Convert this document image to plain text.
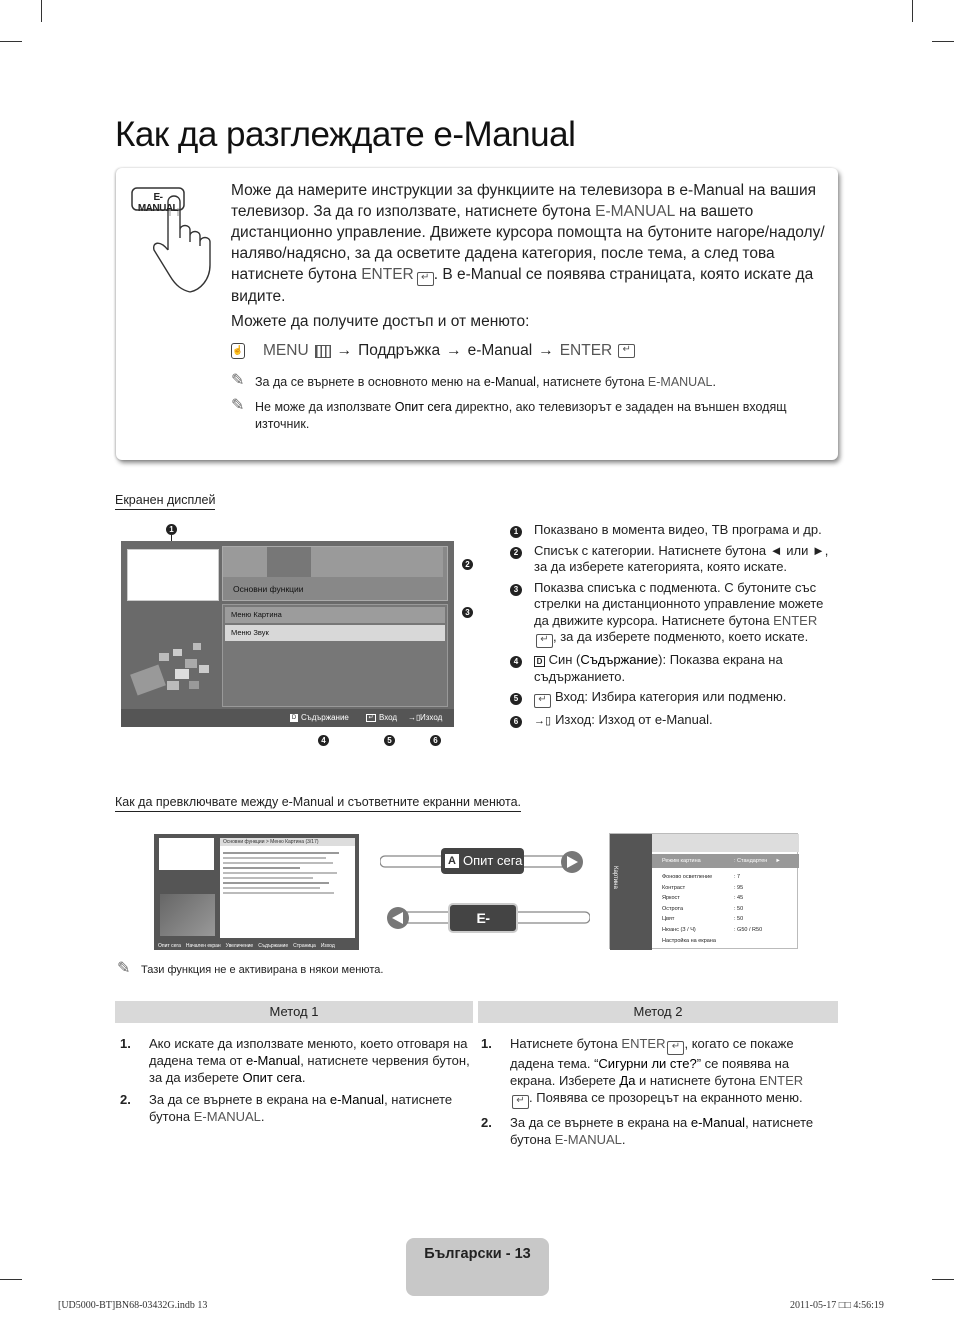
Как да разглеждате e-Manual
E-MANUAL

Може да намерите инструкции за функциите на телевизора в e-Manual на вашия телевизор. За да го използвате, натиснете бутона E-MANUAL на вашето дистанционно управление. Движете курсора помощта на бутоните нагоре/надолу/наляво/надясно, за да осветите дадена категория, после тема, а след това натиснете бутона ENTER ↵ . В e-Manual се появява страницата, която искате да видите.

Можете да получите достъп и от менюто:

☝ MENU → Поддръжка → e-Manual → ENTER	↵
✎ За да се върнете в основното меню на e-Manual, натиснете бутона E-MANUAL.
✎ Не може да използвате Опит сега директно, ако телевизорът е зададен на външен входящ източник.
Екранен дисплей
1
Основни функции
Меню Картина
Меню Звук
D Съдържание	↵ Вход →▯ Изход
2
3
4	5	6
1	Показвано в момента видео, ТВ програма и др.
2	Списък с категории. Натиснете бутона ◄ или ►, за да изберете категорията, която искате.
3	Показва списъка с подменюта. С бутоните със стрелки на дистанционното управление можете да движите курсора. Натиснете бутона ENTER↵ , за да изберете подменюто, което искате.
4	D Син (Съдържание): Показва екрана на съдържанието.
5	↵ Вход: Избира категория или подменю.
6	→▯ Изход: Изход от e-Manual.
Как да превключвате между e-Manual и съответните екранни менюта.
Основни функции > Меню Картина (3/17)
Опит сега Начален екран Увеличение Съдържание Страница Изход
A Опит сега
E-MANUAL
Картина
Режим картина	: Стандартен ►
Фоново осветление	: 7
Контраст	: 95
Яркост	: 45
Острота	: 50
Цвят	: 50
Нюанс (З / Ч)	: G50 / R50
Настройка на екрана
✎ Тази функция не е активирана в някои менюта.
Метод 1	Метод 2
1.	Ако искате да използвате менюто, което отговаря на дадена тема от e-Manual, натиснете червения бутон, за да изберете Опит сега.
2.	За да се върнете в екрана на e-Manual, натиснете бутона E-MANUAL.
1.	Натиснете бутона ENTER ↵ , когато се покаже дадена тема. “Сигурни ли сте?” се появява на екрана. Изберете Да и натиснете бутона ENTER↵ . Появява се прозорецът на екранното меню.
2.	За да се върнете в екрана на e-Manual, натиснете бутона E-MANUAL.
Български - 13
[UD5000-BT]BN68-03432G.indb 13	2011-05-17 □□ 4:56:19
